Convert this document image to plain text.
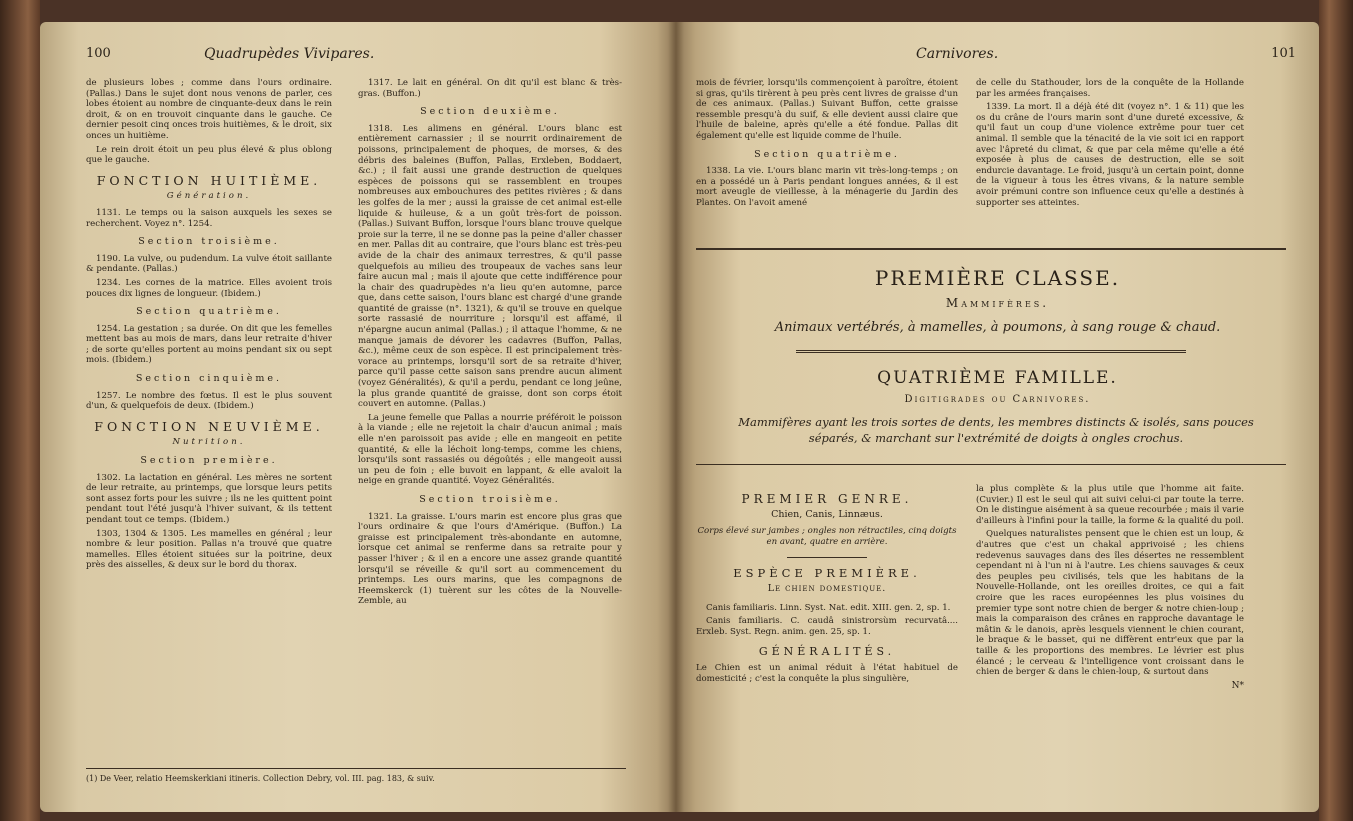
100	Quadrupèdes Vivipares.

de plusieurs lobes ; comme dans l'ours ordinaire. (Pallas.) Dans le sujet dont nous venons de parler, ces lobes étoient au nombre de cinquante-deux dans le rein droit, & on en trouvoit cinquante dans le gauche. Ce dernier pesoit cinq onces trois huitièmes, & le droit, six onces un huitième.

Le rein droit étoit un peu plus élevé & plus oblong que le gauche.

FONCTION HUITIÈME.
Génération.

1131. Le temps ou la saison auxquels les sexes se recherchent. Voyez n°. 1254.

Section troisième.

1190. La vulve, ou pudendum. La vulve étoit saillante & pendante. (Pallas.)

1234. Les cornes de la matrice. Elles avoient trois pouces dix lignes de longueur. (Ibidem.)

Section quatrième.

1254. La gestation ; sa durée. On dit que les femelles mettent bas au mois de mars, dans leur retraite d'hiver ; de sorte qu'elles portent au moins pendant six ou sept mois. (Ibidem.)

Section cinquième.

1257. Le nombre des fœtus. Il est le plus souvent d'un, & quelquefois de deux. (Ibidem.)

FONCTION NEUVIÈME.
Nutrition.
Section première.

1302. La lactation en général. Les mères ne sortent de leur retraite, au printemps, que lorsque leurs petits sont assez forts pour les suivre ; ils ne les quittent point pendant tout l'été jusqu'à l'hiver suivant, & ils tettent pendant tout ce temps. (Ibidem.)

1303, 1304 & 1305. Les mamelles en général ; leur nombre & leur position. Pallas n'a trouvé que quatre mamelles. Elles étoient situées sur la poitrine, deux près des aisselles, & deux sur le bord du thorax.

1317. Le lait en général. On dit qu'il est blanc & très-gras. (Buffon.)

Section deuxième.

1318. Les alimens en général. L'ours blanc est entièrement carnassier ; il se nourrit ordinairement de poissons, principalement de phoques, de morses, & des débris des baleines (Buffon, Pallas, Erxleben, Boddaert, &c.) ; il fait aussi une grande destruction de quelques espèces de poissons qui se rassemblent en troupes nombreuses aux embouchures des petites rivières ; & dans les golfes de la mer ; aussi la graisse de cet animal est-elle liquide & huileuse, & a un goût très-fort de poisson. (Pallas.) Suivant Buffon, lorsque l'ours blanc trouve quelque proie sur la terre, il ne se donne pas la peine d'aller chasser en mer. Pallas dit au contraire, que l'ours blanc est très-peu avide de la chair des animaux terrestres, & qu'il passe quelquefois au milieu des troupeaux de vaches sans leur faire aucun mal ; mais il ajoute que cette indifférence pour la chair des quadrupèdes n'a lieu qu'en automne, parce que, dans cette saison, l'ours blanc est chargé d'une grande quantité de graisse (n°. 1321), & qu'il se trouve en quelque sorte rassasié de nourriture ; lorsqu'il est affamé, il n'épargne aucun animal (Pallas.) ; il attaque l'homme, & ne manque jamais de dévorer les cadavres (Buffon, Pallas, &c.), même ceux de son espèce. Il est principalement très-vorace au printemps, lorsqu'il sort de sa retraite d'hiver, parce qu'il passe cette saison sans prendre aucun aliment (voyez Généralités), & qu'il a perdu, pendant ce long jeûne, la plus grande quantité de graisse, dont son corps étoit couvert en automne. (Pallas.)

La jeune femelle que Pallas a nourrie préféroit le poisson à la viande ; elle ne rejetoit la chair d'aucun animal ; mais elle n'en paroissoit pas avide ; elle en mangeoit en petite quantité, & elle la léchoit long-temps, comme les chiens, lorsqu'ils sont rassasiés ou dégoûtés ; elle mangeoit aussi un peu de foin ; elle buvoit en lappant, & elle avaloit la neige en grande quantité. Voyez Généralités.

Section troisième.

1321. La graisse. L'ours marin est encore plus gras que l'ours ordinaire & que l'ours d'Amérique. (Buffon.) La graisse est principalement très-abondante en automne, lorsque cet animal se renferme dans sa retraite pour y passer l'hiver ; & il en a encore une assez grande quantité lorsqu'il se réveille & qu'il sort au commencement du printemps. Les ours marins, que les compagnons de Heemskerck (1) tuèrent sur les côtes de la Nouvelle-Zemble, au

(1) De Veer, relatio Heemskerkiani itineris. Collection Debry, vol. III. pag. 183, & suiv.
Carnivores.	101

mois de février, lorsqu'ils commençoient à paroître, étoient si gras, qu'ils tirèrent à peu près cent livres de graisse d'un de ces animaux. (Pallas.) Suivant Buffon, cette graisse ressemble presqu'à du suif, & elle devient aussi claire que l'huile de baleine, après qu'elle a été fondue. Pallas dit également qu'elle est liquide comme de l'huile.

Section quatrième.

1338. La vie. L'ours blanc marin vit très-long-temps ; on en a possédé un à Paris pendant longues années, & il est mort aveugle de vieillesse, à la ménagerie du Jardin des Plantes. On l'avoit amené

de celle du Stathouder, lors de la conquête de la Hollande par les armées françaises.

1339. La mort. Il a déjà été dit (voyez n°. 1 & 11) que les os du crâne de l'ours marin sont d'une dureté excessive, & qu'il faut un coup d'une violence extrême pour tuer cet animal. Il semble que la ténacité de la vie soit ici en rapport avec l'âpreté du climat, & que par cela même qu'elle a été exposée à plus de causes de destruction, elle se soit endurcie davantage. Le froid, jusqu'à un certain point, donne de la vigueur à tous les êtres vivans, & la nature semble avoir prémuni contre son influence ceux qu'elle a destinés à supporter ses atteintes.

PREMIÈRE CLASSE.
Mammifères.
Animaux vertébrés, à mamelles, à poumons, à sang rouge & chaud.
QUATRIÈME FAMILLE.
Digitigrades ou Carnivores.
Mammifères ayant les trois sortes de dents, les membres distincts & isolés, sans pouces séparés, & marchant sur l'extrémité de doigts à ongles crochus.
PREMIER GENRE.
Chien, Canis, Linnæus.
Corps élevé sur jambes ; ongles non rétractiles, cinq doigts en avant, quatre en arrière.
ESPÈCE PREMIÈRE.
Le chien domestique.

Canis familiaris. Linn. Syst. Nat. edit. XIII. gen. 2, sp. 1.

Canis familiaris. C. caudâ sinistrorsùm recurvatâ.... Erxleb. Syst. Regn. anim. gen. 25, sp. 1.

GÉNÉRALITÉS.

Le Chien est un animal réduit à l'état habituel de domesticité ; c'est la conquête la plus singulière,

la plus complète & la plus utile que l'homme ait faite. (Cuvier.) Il est le seul qui ait suivi celui-ci par toute la terre. On le distingue aisément à sa queue recourbée ; mais il varie d'ailleurs à l'infini pour la taille, la forme & la qualité du poil.

Quelques naturalistes pensent que le chien est un loup, & d'autres que c'est un chakal apprivoisé ; les chiens redevenus sauvages dans des îles désertes ne ressemblent cependant ni à l'un ni à l'autre. Les chiens sauvages & ceux des peuples peu civilisés, tels que les habitans de la Nouvelle-Hollande, ont les oreilles droites, ce qui a fait croire que les races européennes les plus voisines du premier type sont notre chien de berger & notre chien-loup ; mais la comparaison des crânes en rapproche davantage le mâtin & le danois, après lesquels viennent le chien courant, le braque & le basset, qui ne diffèrent entr'eux que par la taille & les proportions des membres. Le lévrier est plus élancé ; le cerveau & l'intelligence vont croissant dans le chien de berger & dans le chien-loup, & surtout dans

N*
